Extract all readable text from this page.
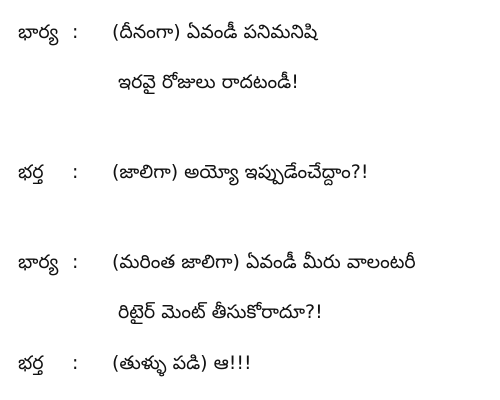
భార్య : (దీనంగా) ఏవండీ పనిమనిషి
ఇరవై రోజులు రాదటండీ!
భర్త : (జాలిగా) అయ్యో ఇప్పుడేంచేద్దాం?!
భార్య : (మరింత జాలిగా) ఏవండీ మీరు వాలంటరీ
రిటైర్ మెంట్ తీసుకోరాదూ?!
భర్త : (తుళ్ళు పడి) ఆ!!!
